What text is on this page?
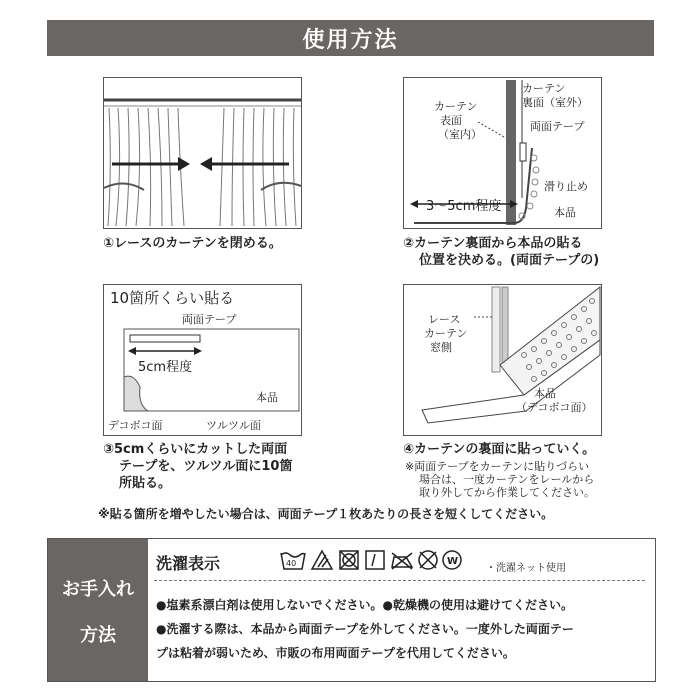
使用方法
①レースのカーテンを閉める。
3〜5cm程度
カーテン
裏面（室外）
カーテン
表面
（室内）
両面テープ
滑り止め
本品
②カーテン裏面から本品の貼る
位置を決める。(両面テープの)
10箇所くらい貼る
両面テープ
5cm程度
本品
デコボコ面	ツルツル面
③5cmくらいにカットした両面
テープを、ツルツル面に10箇
所貼る。
レース
カーテン
窓側
本品
（デコボコ面）
④カーテンの裏面に貼っていく。
※両面テープをカーテンに貼りづらい
場合は、一度カーテンをレールから
取り外してから作業してください。
※貼る箇所を増やしたい場合は、両面テープ１枚あたりの長さを短くしてください。
お手入れ
方法
洗濯表示	40	W
・洗濯ネット使用
●塩素系漂白剤は使用しないでください。●乾燥機の使用は避けてください。
●洗濯する際は、本品から両面テープを外してください。一度外した両面テー
プは粘着が弱いため、市販の布用両面テープを代用してください。
